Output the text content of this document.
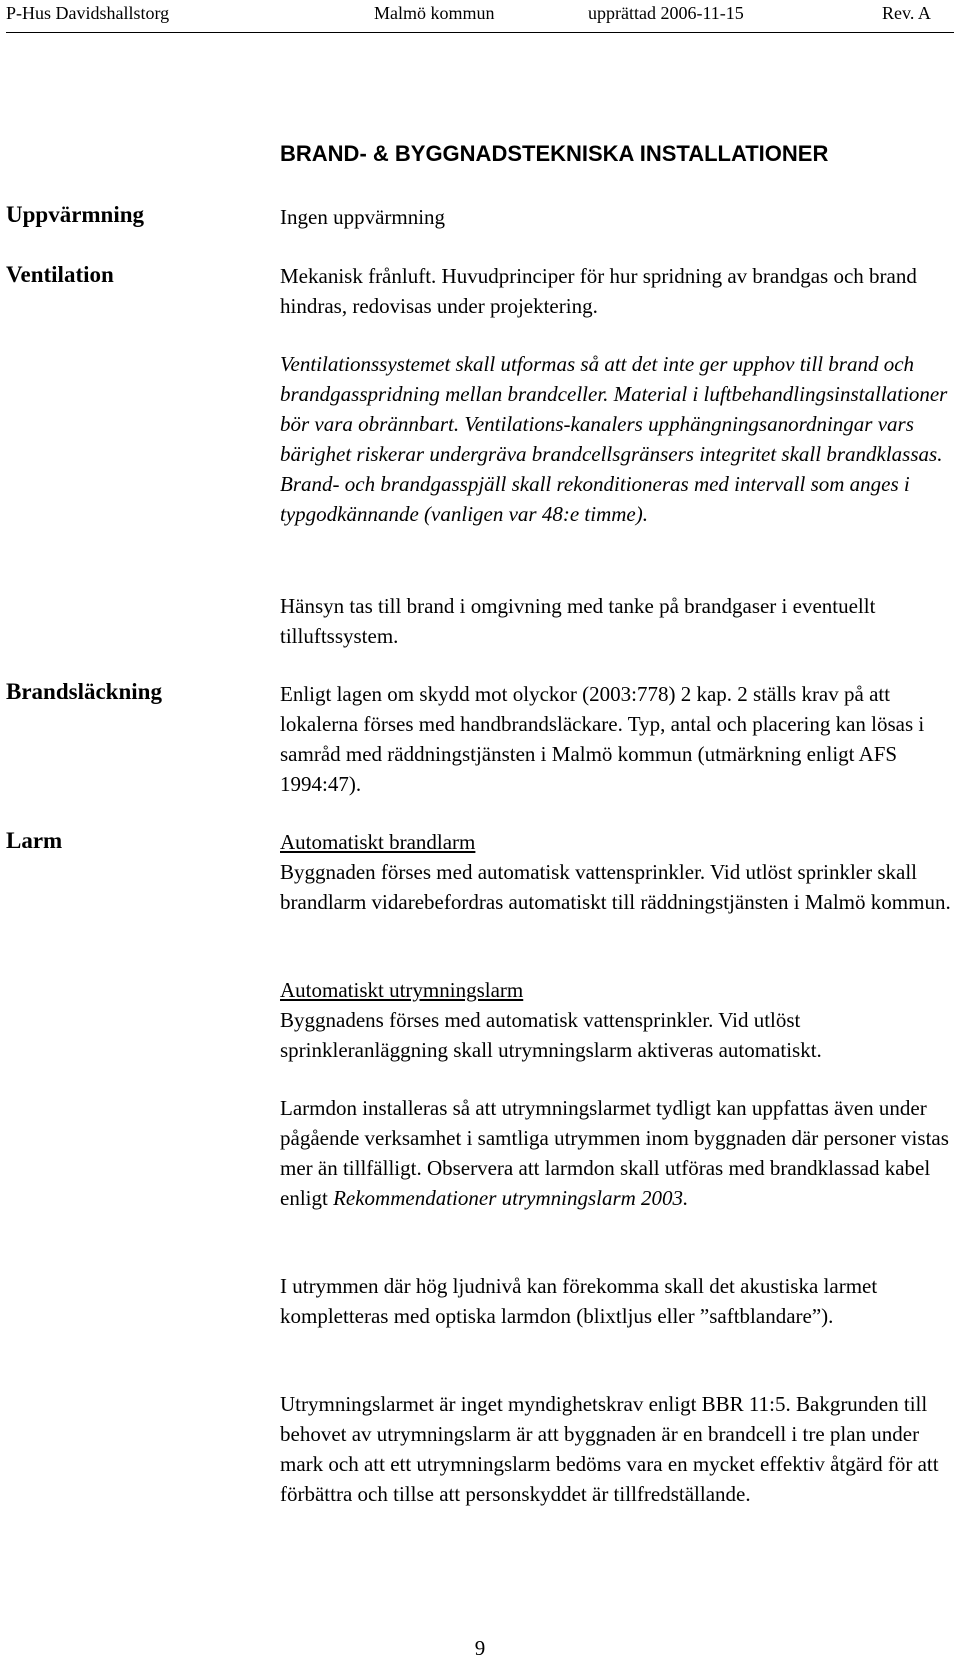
P-Hus Davidshallstorg	Malmö kommun	upprättad 2006-11-15	Rev. A
BRAND- & BYGGNADSTEKNISKA INSTALLATIONER
Uppvärmning	Ingen uppvärmning
Ventilation	Mekanisk frånluft. Huvudprinciper för hur spridning av brandgas och brand hindras, redovisas under projektering.
Ventilationssystemet skall utformas så att det inte ger upphov till brand och brandgasspridning mellan brandceller. Material i luftbehandlingsinstallationer bör vara obrännbart. Ventilations-kanalers upphängningsanordningar vars bärighet riskerar undergräva brandcellsgränsers integritet skall brandklassas. Brand- och brandgasspjäll skall rekonditioneras med intervall som anges i typgodkännande (vanligen var 48:e timme).
Hänsyn tas till brand i omgivning med tanke på brandgaser i eventuellt tilluftssystem.
Brandsläckning	Enligt lagen om skydd mot olyckor (2003:778) 2 kap. 2 ställs krav på att lokalerna förses med handbrandsläckare. Typ, antal och placering kan lösas i samråd med räddningstjänsten i Malmö kommun (utmärkning enligt AFS 1994:47).
Larm	Automatiskt brandlarm
Byggnaden förses med automatisk vattensprinkler. Vid utlöst sprinkler skall brandlarm vidarebefordras automatiskt till räddningstjänsten i Malmö kommun.
Automatiskt utrymningslarm
Byggnadens förses med automatisk vattensprinkler. Vid utlöst sprinkleranläggning skall utrymningslarm aktiveras automatiskt.
Larmdon installeras så att utrymningslarmet tydligt kan uppfattas även under pågående verksamhet i samtliga utrymmen inom byggnaden där personer vistas mer än tillfälligt. Observera att larmdon skall utföras med brandklassad kabel enligt Rekommendationer utrymningslarm 2003.
I utrymmen där hög ljudnivå kan förekomma skall det akustiska larmet kompletteras med optiska larmdon (blixtljus eller ”saftblandare”).
Utrymningslarmet är inget myndighetskrav enligt BBR 11:5. Bakgrunden till behovet av utrymningslarm är att byggnaden är en brandcell i tre plan under mark och att ett utrymningslarm bedöms vara en mycket effektiv åtgärd för att förbättra och tillse att personskyddet är tillfredställande.
9
